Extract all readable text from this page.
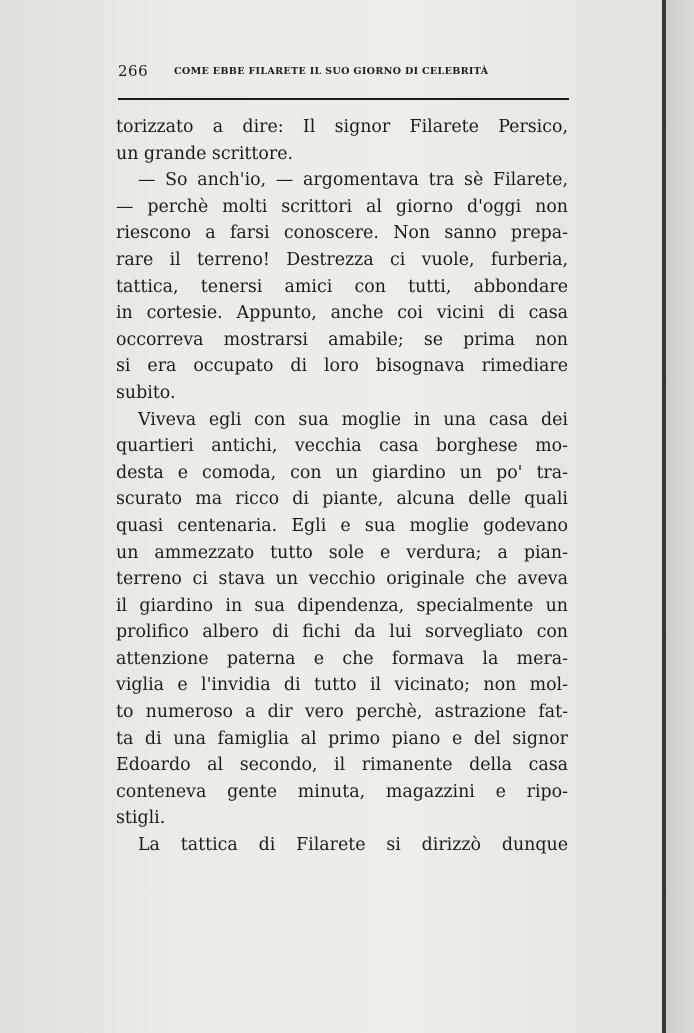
266	COME EBBE FILARETE IL SUO GIORNO DI CELEBRITÀ
torizzato a dire: Il signor Filarete Persico,
un grande scrittore.
— So anch'io, — argomentava tra sè Filarete,
— perchè molti scrittori al giorno d'oggi non
riescono a farsi conoscere. Non sanno prepa-
rare il terreno! Destrezza ci vuole, furberia,
tattica, tenersi amici con tutti, abbondare
in cortesie. Appunto, anche coi vicini di casa
occorreva mostrarsi amabile; se prima non
si era occupato di loro bisognava rimediare
subito.
Viveva egli con sua moglie in una casa dei
quartieri antichi, vecchia casa borghese mo-
desta e comoda, con un giardino un po' tra-
scurato ma ricco di piante, alcuna delle quali
quasi centenaria. Egli e sua moglie godevano
un ammezzato tutto sole e verdura; a pian-
terreno ci stava un vecchio originale che aveva
il giardino in sua dipendenza, specialmente un
prolifico albero di fichi da lui sorvegliato con
attenzione paterna e che formava la mera-
viglia e l'invidia di tutto il vicinato; non mol-
to numeroso a dir vero perchè, astrazione fat-
ta di una famiglia al primo piano e del signor
Edoardo al secondo, il rimanente della casa
conteneva gente minuta, magazzini e ripo-
stigli.
La tattica di Filarete si dirizzò dunque
